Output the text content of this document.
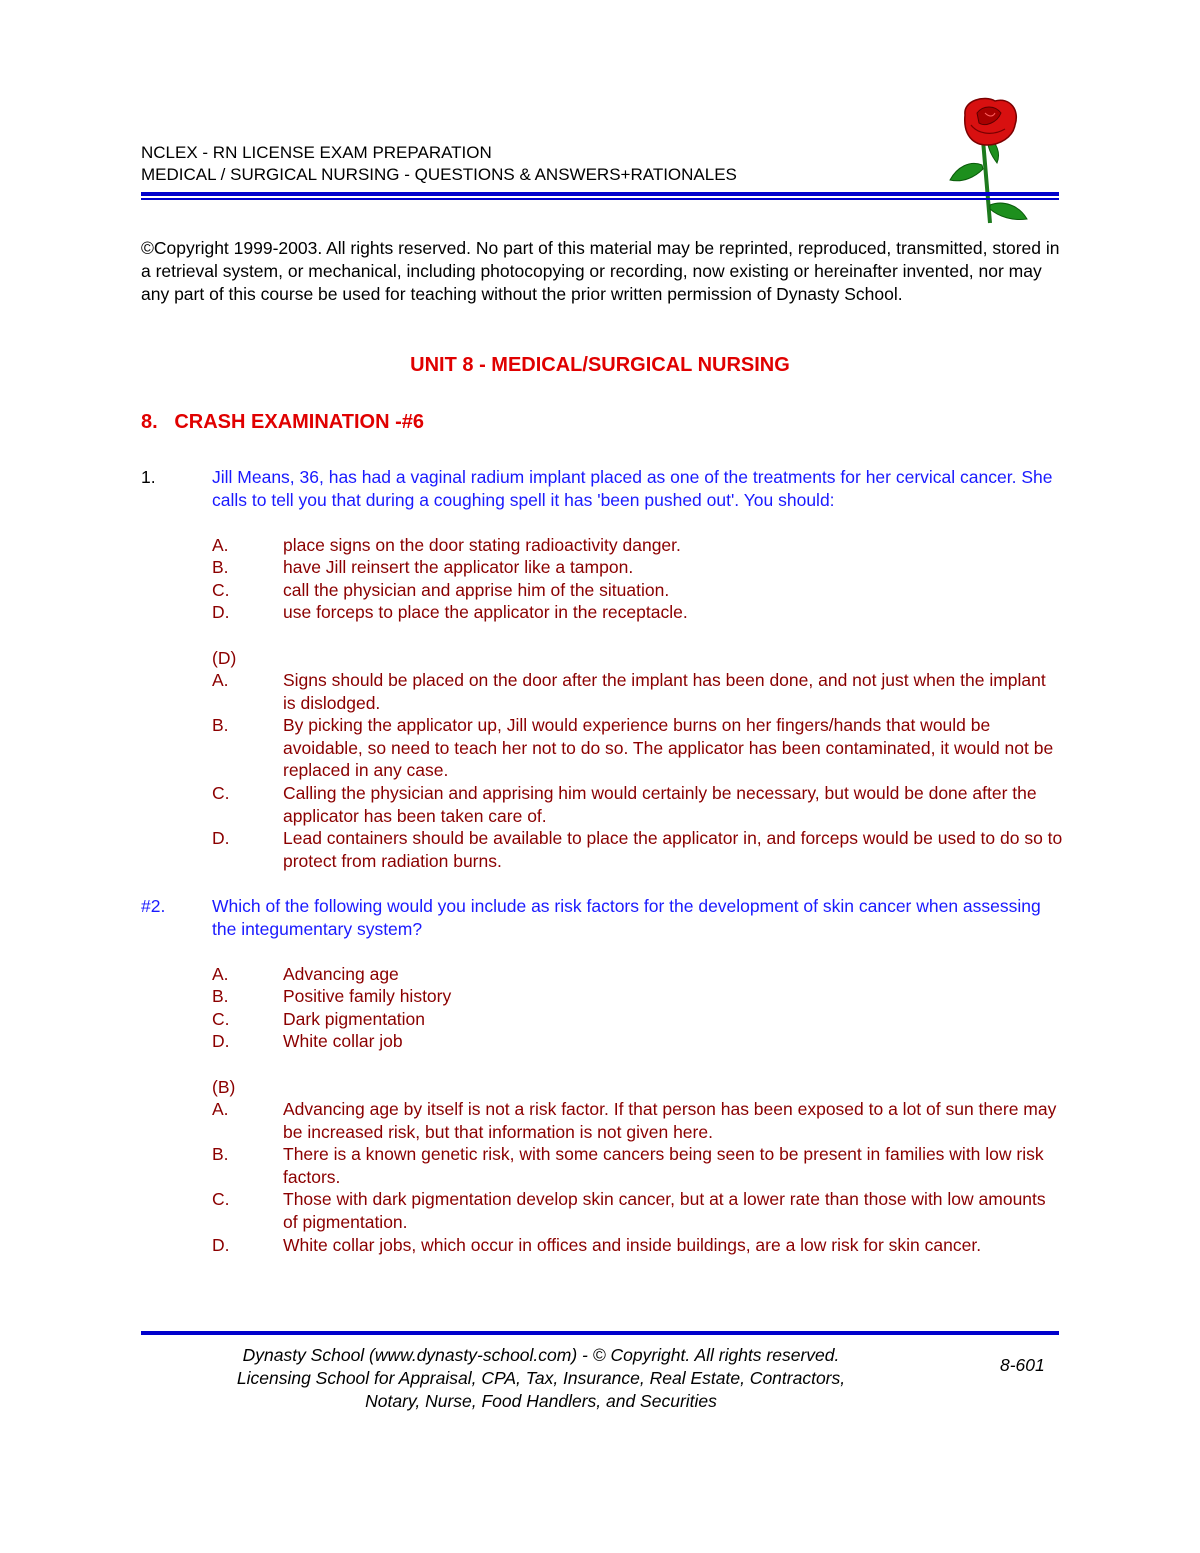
NCLEX - RN LICENSE EXAM PREPARATION
MEDICAL / SURGICAL NURSING - QUESTIONS & ANSWERS+RATIONALES
©Copyright 1999-2003. All rights reserved. No part of this material may be reprinted, reproduced, transmitted, stored in a retrieval system, or mechanical, including photocopying or recording, now existing or hereinafter invented, nor may any part of this course be used for teaching without the prior written permission of Dynasty School.
UNIT 8 - MEDICAL/SURGICAL NURSING
8.   CRASH EXAMINATION -#6
1.	Jill Means, 36, has had a vaginal radium implant placed as one of the treatments for her cervical cancer. She calls to tell you that during a coughing spell it has 'been pushed out'. You should:
A.	place signs on the door stating radioactivity danger.
B.	have Jill reinsert the applicator like a tampon.
C.	call the physician and apprise him of the situation.
D.	use forceps to place the applicator in the receptacle.
(D)
A.	Signs should be placed on the door after the implant has been done, and not just when the implant is dislodged.
B.	By picking the applicator up, Jill would experience burns on her fingers/hands that would be avoidable, so need to teach her not to do so. The applicator has been contaminated, it would not be replaced in any case.
C.	Calling the physician and apprising him would certainly be necessary, but would be done after the applicator has been taken care of.
D.	Lead containers should be available to place the applicator in, and forceps would be used to do so to protect from radiation burns.
#2.	Which of the following would you include as risk factors for the development of skin cancer when assessing the integumentary system?
A.	Advancing age
B.	Positive family history
C.	Dark pigmentation
D.	White collar job
(B)
A.	Advancing age by itself is not a risk factor. If that person has been exposed to a lot of sun there may be increased risk, but that information is not given here.
B.	There is a known genetic risk, with some cancers being seen to be present in families with low risk factors.
C.	Those with dark pigmentation develop skin cancer, but at a lower rate than those with low amounts of pigmentation.
D.	White collar jobs, which occur in offices and inside buildings, are a low risk for skin cancer.
Dynasty School (www.dynasty-school.com) - © Copyright. All rights reserved.
Licensing School for Appraisal, CPA, Tax, Insurance, Real Estate, Contractors,
Notary, Nurse, Food Handlers, and Securities
8-601
